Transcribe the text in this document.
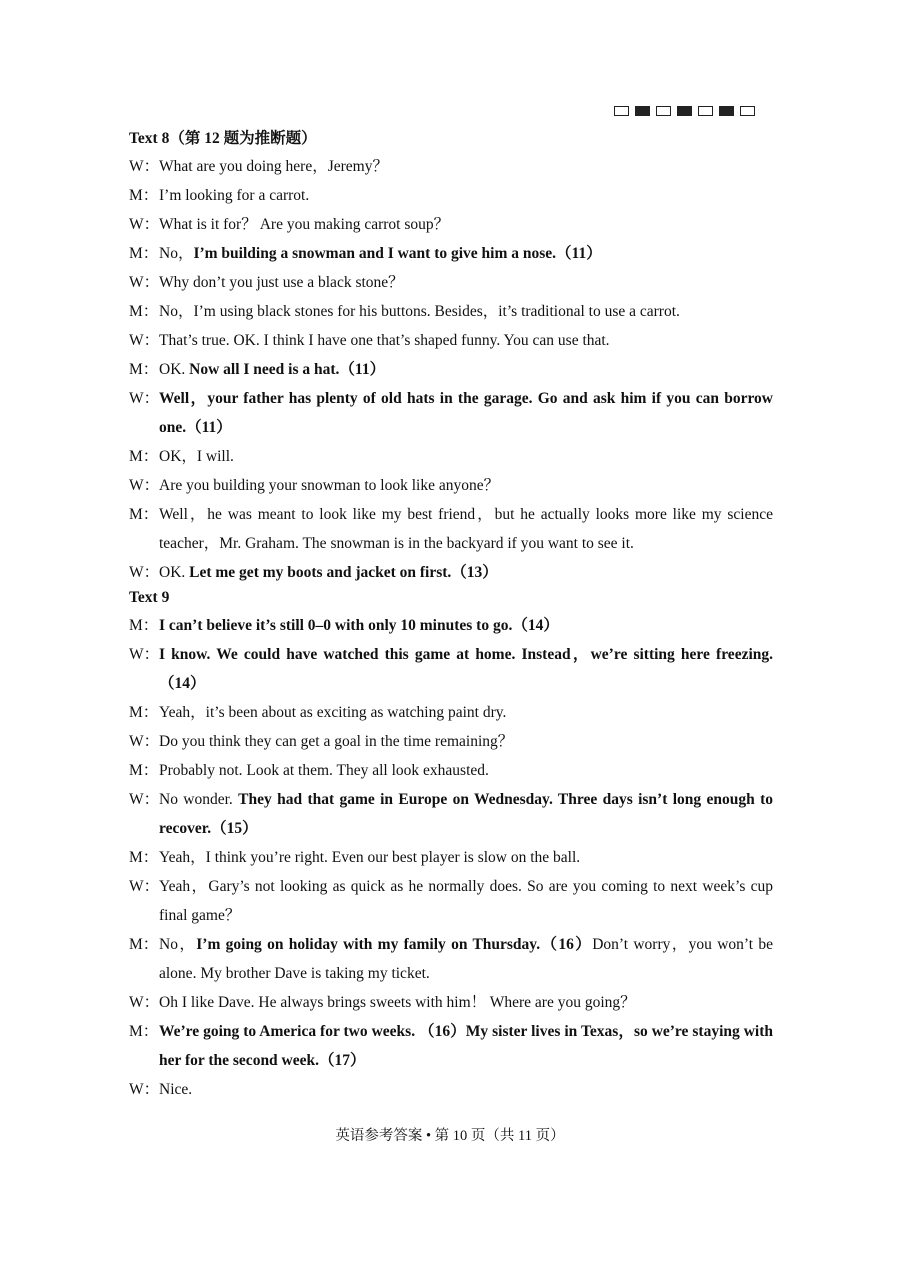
Text 8（第 12 题为推断题）
W：What are you doing here，Jeremy？
M：I’m looking for a carrot.
W：What is it for？ Are you making carrot soup？
M：No，I’m building a snowman and I want to give him a nose.（11）
W：Why don’t you just use a black stone？
M：No，I’m using black stones for his buttons. Besides，it’s traditional to use a carrot.
W：That’s true. OK. I think I have one that’s shaped funny. You can use that.
M：OK. Now all I need is a hat.（11）
W：Well，your father has plenty of old hats in the garage. Go and ask him if you can borrow one.（11）
M：OK，I will.
W：Are you building your snowman to look like anyone？
M：Well，he was meant to look like my best friend，but he actually looks more like my science teacher，Mr. Graham. The snowman is in the backyard if you want to see it.
W：OK. Let me get my boots and jacket on first.（13）
Text 9
M：I can’t believe it’s still 0–0 with only 10 minutes to go.（14）
W：I know. We could have watched this game at home. Instead，we’re sitting here freezing.（14）
M：Yeah，it’s been about as exciting as watching paint dry.
W：Do you think they can get a goal in the time remaining？
M：Probably not. Look at them. They all look exhausted.
W：No wonder. They had that game in Europe on Wednesday. Three days isn’t long enough to recover.（15）
M：Yeah，I think you’re right. Even our best player is slow on the ball.
W：Yeah，Gary’s not looking as quick as he normally does. So are you coming to next week’s cup final game？
M：No，I’m going on holiday with my family on Thursday.（16）Don’t worry，you won’t be alone. My brother Dave is taking my ticket.
W：Oh I like Dave. He always brings sweets with him！ Where are you going？
M：We’re going to America for two weeks. （16）My sister lives in Texas，so we’re staying with her for the second week.（17）
W：Nice.
英语参考答案 • 第 10 页（共 11 页）
